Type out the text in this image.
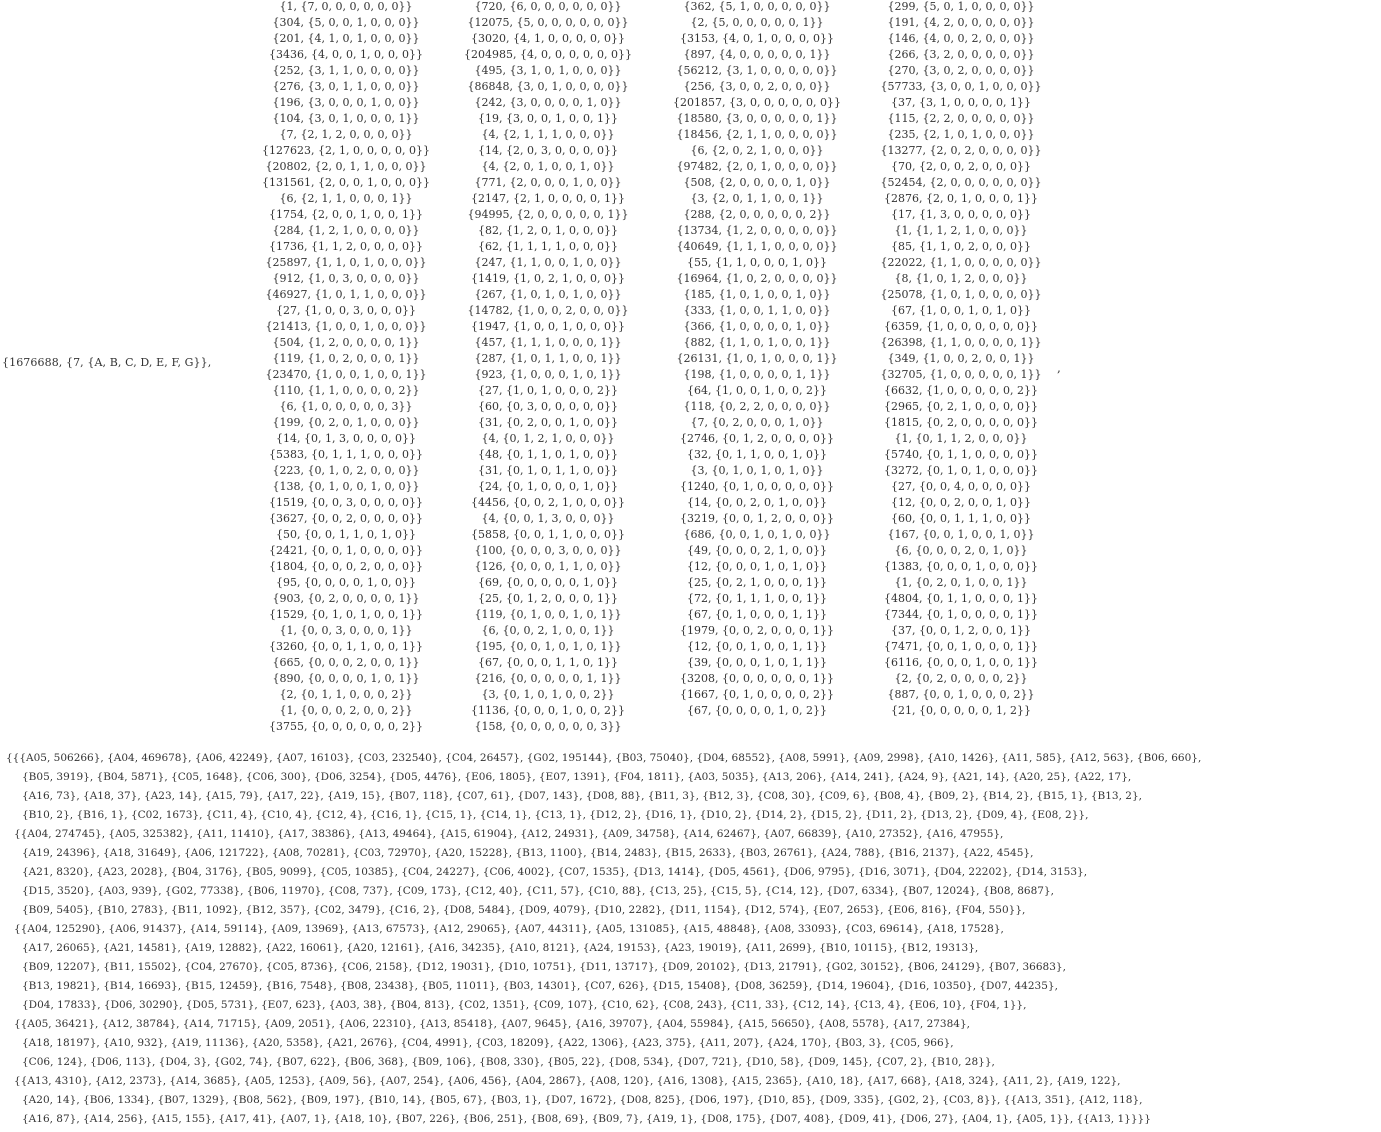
{1676688, {7, {A, B, C, D, E, F, G}},
{1, {7, 0, 0, 0, 0, 0, 0}}
{304, {5, 0, 0, 1, 0, 0, 0}}
{201, {4, 1, 0, 1, 0, 0, 0}}
{3436, {4, 0, 0, 1, 0, 0, 0}}
{252, {3, 1, 1, 0, 0, 0, 0}}
{276, {3, 0, 1, 1, 0, 0, 0}}
{196, {3, 0, 0, 0, 1, 0, 0}}
{104, {3, 0, 1, 0, 0, 0, 1}}
{7, {2, 1, 2, 0, 0, 0, 0}}
{127623, {2, 1, 0, 0, 0, 0, 0}}
{20802, {2, 0, 1, 1, 0, 0, 0}}
{131561, {2, 0, 0, 1, 0, 0, 0}}
{6, {2, 1, 1, 0, 0, 0, 1}}
{1754, {2, 0, 0, 1, 0, 0, 1}}
{284, {1, 2, 1, 0, 0, 0, 0}}
{1736, {1, 1, 2, 0, 0, 0, 0}}
{25897, {1, 1, 0, 1, 0, 0, 0}}
{912, {1, 0, 3, 0, 0, 0, 0}}
{46927, {1, 0, 1, 1, 0, 0, 0}}
{27, {1, 0, 0, 3, 0, 0, 0}}
{21413, {1, 0, 0, 1, 0, 0, 0}}
{504, {1, 2, 0, 0, 0, 0, 1}}
{119, {1, 0, 2, 0, 0, 0, 1}}
{23470, {1, 0, 0, 1, 0, 0, 1}}
{110, {1, 1, 0, 0, 0, 0, 2}}
{6, {1, 0, 0, 0, 0, 0, 3}}
{199, {0, 2, 0, 1, 0, 0, 0}}
{14, {0, 1, 3, 0, 0, 0, 0}}
{5383, {0, 1, 1, 1, 0, 0, 0}}
{223, {0, 1, 0, 2, 0, 0, 0}}
{138, {0, 1, 0, 0, 1, 0, 0}}
{1519, {0, 0, 3, 0, 0, 0, 0}}
{3627, {0, 0, 2, 0, 0, 0, 0}}
{50, {0, 0, 1, 1, 0, 1, 0}}
{2421, {0, 0, 1, 0, 0, 0, 0}}
{1804, {0, 0, 0, 2, 0, 0, 0}}
{95, {0, 0, 0, 0, 1, 0, 0}}
{903, {0, 2, 0, 0, 0, 0, 1}}
{1529, {0, 1, 0, 1, 0, 0, 1}}
{1, {0, 0, 3, 0, 0, 0, 1}}
{3260, {0, 0, 1, 1, 0, 0, 1}}
{665, {0, 0, 0, 2, 0, 0, 1}}
{890, {0, 0, 0, 0, 1, 0, 1}}
{2, {0, 1, 1, 0, 0, 0, 2}}
{1, {0, 0, 0, 2, 0, 0, 2}}
{3755, {0, 0, 0, 0, 0, 0, 2}}
{720, {6, 0, 0, 0, 0, 0, 0}}
{12075, {5, 0, 0, 0, 0, 0, 0}}
{3020, {4, 1, 0, 0, 0, 0, 0}}
{204985, {4, 0, 0, 0, 0, 0, 0}}
{495, {3, 1, 0, 1, 0, 0, 0}}
{86848, {3, 0, 1, 0, 0, 0, 0}}
{242, {3, 0, 0, 0, 0, 1, 0}}
{19, {3, 0, 0, 1, 0, 0, 1}}
{4, {2, 1, 1, 1, 0, 0, 0}}
{14, {2, 0, 3, 0, 0, 0, 0}}
{4, {2, 0, 1, 0, 0, 1, 0}}
{771, {2, 0, 0, 0, 1, 0, 0}}
{2147, {2, 1, 0, 0, 0, 0, 1}}
{94995, {2, 0, 0, 0, 0, 0, 1}}
{82, {1, 2, 0, 1, 0, 0, 0}}
{62, {1, 1, 1, 1, 0, 0, 0}}
{247, {1, 1, 0, 0, 1, 0, 0}}
{1419, {1, 0, 2, 1, 0, 0, 0}}
{267, {1, 0, 1, 0, 1, 0, 0}}
{14782, {1, 0, 0, 2, 0, 0, 0}}
{1947, {1, 0, 0, 1, 0, 0, 0}}
{457, {1, 1, 1, 0, 0, 0, 1}}
{287, {1, 0, 1, 1, 0, 0, 1}}
{923, {1, 0, 0, 0, 1, 0, 1}}
{27, {1, 0, 1, 0, 0, 0, 2}}
{60, {0, 3, 0, 0, 0, 0, 0}}
{31, {0, 2, 0, 0, 1, 0, 0}}
{4, {0, 1, 2, 1, 0, 0, 0}}
{48, {0, 1, 1, 0, 1, 0, 0}}
{31, {0, 1, 0, 1, 1, 0, 0}}
{24, {0, 1, 0, 0, 0, 1, 0}}
{4456, {0, 0, 2, 1, 0, 0, 0}}
{4, {0, 0, 1, 3, 0, 0, 0}}
{5858, {0, 0, 1, 1, 0, 0, 0}}
{100, {0, 0, 0, 3, 0, 0, 0}}
{126, {0, 0, 0, 1, 1, 0, 0}}
{69, {0, 0, 0, 0, 0, 1, 0}}
{25, {0, 1, 2, 0, 0, 0, 1}}
{119, {0, 1, 0, 0, 1, 0, 1}}
{6, {0, 0, 2, 1, 0, 0, 1}}
{195, {0, 0, 1, 0, 1, 0, 1}}
{67, {0, 0, 0, 1, 1, 0, 1}}
{216, {0, 0, 0, 0, 0, 1, 1}}
{3, {0, 1, 0, 1, 0, 0, 2}}
{1136, {0, 0, 0, 1, 0, 0, 2}}
{158, {0, 0, 0, 0, 0, 0, 3}}
{362, {5, 1, 0, 0, 0, 0, 0}}
{2, {5, 0, 0, 0, 0, 0, 1}}
{3153, {4, 0, 1, 0, 0, 0, 0}}
{897, {4, 0, 0, 0, 0, 0, 1}}
{56212, {3, 1, 0, 0, 0, 0, 0}}
{256, {3, 0, 0, 2, 0, 0, 0}}
{201857, {3, 0, 0, 0, 0, 0, 0}}
{18580, {3, 0, 0, 0, 0, 0, 1}}
{18456, {2, 1, 1, 0, 0, 0, 0}}
{6, {2, 0, 2, 1, 0, 0, 0}}
{97482, {2, 0, 1, 0, 0, 0, 0}}
{508, {2, 0, 0, 0, 0, 1, 0}}
{3, {2, 0, 1, 1, 0, 0, 1}}
{288, {2, 0, 0, 0, 0, 0, 2}}
{13734, {1, 2, 0, 0, 0, 0, 0}}
{40649, {1, 1, 1, 0, 0, 0, 0}}
{55, {1, 1, 0, 0, 0, 1, 0}}
{16964, {1, 0, 2, 0, 0, 0, 0}}
{185, {1, 0, 1, 0, 0, 1, 0}}
{333, {1, 0, 0, 1, 1, 0, 0}}
{366, {1, 0, 0, 0, 0, 1, 0}}
{882, {1, 1, 0, 1, 0, 0, 1}}
{26131, {1, 0, 1, 0, 0, 0, 1}}
{198, {1, 0, 0, 0, 0, 1, 1}}
{64, {1, 0, 0, 1, 0, 0, 2}}
{118, {0, 2, 2, 0, 0, 0, 0}}
{7, {0, 2, 0, 0, 0, 1, 0}}
{2746, {0, 1, 2, 0, 0, 0, 0}}
{32, {0, 1, 1, 0, 0, 1, 0}}
{3, {0, 1, 0, 1, 0, 1, 0}}
{1240, {0, 1, 0, 0, 0, 0, 0}}
{14, {0, 0, 2, 0, 1, 0, 0}}
{3219, {0, 0, 1, 2, 0, 0, 0}}
{686, {0, 0, 1, 0, 1, 0, 0}}
{49, {0, 0, 0, 2, 1, 0, 0}}
{12, {0, 0, 0, 1, 0, 1, 0}}
{25, {0, 2, 1, 0, 0, 0, 1}}
{72, {0, 1, 1, 1, 0, 0, 1}}
{67, {0, 1, 0, 0, 0, 1, 1}}
{1979, {0, 0, 2, 0, 0, 0, 1}}
{12, {0, 0, 1, 0, 0, 1, 1}}
{39, {0, 0, 0, 1, 0, 1, 1}}
{3208, {0, 0, 0, 0, 0, 0, 1}}
{1667, {0, 1, 0, 0, 0, 0, 2}}
{67, {0, 0, 0, 0, 1, 0, 2}}
{299, {5, 0, 1, 0, 0, 0, 0}}
{191, {4, 2, 0, 0, 0, 0, 0}}
{146, {4, 0, 0, 2, 0, 0, 0}}
{266, {3, 2, 0, 0, 0, 0, 0}}
{270, {3, 0, 2, 0, 0, 0, 0}}
{57733, {3, 0, 0, 1, 0, 0, 0}}
{37, {3, 1, 0, 0, 0, 0, 1}}
{115, {2, 2, 0, 0, 0, 0, 0}}
{235, {2, 1, 0, 1, 0, 0, 0}}
{13277, {2, 0, 2, 0, 0, 0, 0}}
{70, {2, 0, 0, 2, 0, 0, 0}}
{52454, {2, 0, 0, 0, 0, 0, 0}}
{2876, {2, 0, 1, 0, 0, 0, 1}}
{17, {1, 3, 0, 0, 0, 0, 0}}
{1, {1, 1, 2, 1, 0, 0, 0}}
{85, {1, 1, 0, 2, 0, 0, 0}}
{22022, {1, 1, 0, 0, 0, 0, 0}}
{8, {1, 0, 1, 2, 0, 0, 0}}
{25078, {1, 0, 1, 0, 0, 0, 0}}
{67, {1, 0, 0, 1, 0, 1, 0}}
{6359, {1, 0, 0, 0, 0, 0, 0}}
{26398, {1, 1, 0, 0, 0, 0, 1}}
{349, {1, 0, 0, 2, 0, 0, 1}}
{32705, {1, 0, 0, 0, 0, 0, 1}}
{6632, {1, 0, 0, 0, 0, 0, 2}}
{2965, {0, 2, 1, 0, 0, 0, 0}}
{1815, {0, 2, 0, 0, 0, 0, 0}}
{1, {0, 1, 1, 2, 0, 0, 0}}
{5740, {0, 1, 1, 0, 0, 0, 0}}
{3272, {0, 1, 0, 1, 0, 0, 0}}
{27, {0, 0, 4, 0, 0, 0, 0}}
{12, {0, 0, 2, 0, 0, 1, 0}}
{60, {0, 0, 1, 1, 1, 0, 0}}
{167, {0, 0, 1, 0, 0, 1, 0}}
{6, {0, 0, 0, 2, 0, 1, 0}}
{1383, {0, 0, 0, 1, 0, 0, 0}}
{1, {0, 2, 0, 1, 0, 0, 1}}
{4804, {0, 1, 1, 0, 0, 0, 1}}
{7344, {0, 1, 0, 0, 0, 0, 1}}
{37, {0, 0, 1, 2, 0, 0, 1}}
{7471, {0, 0, 1, 0, 0, 0, 1}}
{6116, {0, 0, 0, 1, 0, 0, 1}}
{2, {0, 2, 0, 0, 0, 0, 2}}
{887, {0, 0, 1, 0, 0, 0, 2}}
{21, {0, 0, 0, 0, 0, 1, 2}}
,
{{{A05, 506266}, {A04, 469678}, {A06, 42249}, {A07, 16103}, {C03, 232540}, {C04, 26457}, {G02, 195144}, {B03, 75040}, {D04, 68552}, {A08, 5991}, {A09, 2998}, {A10, 1426}, {A11, 585}, {A12, 563}, {B06, 660},
{B05, 3919}, {B04, 5871}, {C05, 1648}, {C06, 300}, {D06, 3254}, {D05, 4476}, {E06, 1805}, {E07, 1391}, {F04, 1811}, {A03, 5035}, {A13, 206}, {A14, 241}, {A24, 9}, {A21, 14}, {A20, 25}, {A22, 17},
{A16, 73}, {A18, 37}, {A23, 14}, {A15, 79}, {A17, 22}, {A19, 15}, {B07, 118}, {C07, 61}, {D07, 143}, {D08, 88}, {B11, 3}, {B12, 3}, {C08, 30}, {C09, 6}, {B08, 4}, {B09, 2}, {B14, 2}, {B15, 1}, {B13, 2},
{B10, 2}, {B16, 1}, {C02, 1673}, {C11, 4}, {C10, 4}, {C12, 4}, {C16, 1}, {C15, 1}, {C14, 1}, {C13, 1}, {D12, 2}, {D16, 1}, {D10, 2}, {D14, 2}, {D15, 2}, {D11, 2}, {D13, 2}, {D09, 4}, {E08, 2}},
{{A04, 274745}, {A05, 325382}, {A11, 11410}, {A17, 38386}, {A13, 49464}, {A15, 61904}, {A12, 24931}, {A09, 34758}, {A14, 62467}, {A07, 66839}, {A10, 27352}, {A16, 47955},
{A19, 24396}, {A18, 31649}, {A06, 121722}, {A08, 70281}, {C03, 72970}, {A20, 15228}, {B13, 1100}, {B14, 2483}, {B15, 2633}, {B03, 26761}, {A24, 788}, {B16, 2137}, {A22, 4545},
{A21, 8320}, {A23, 2028}, {B04, 3176}, {B05, 9099}, {C05, 10385}, {C04, 24227}, {C06, 4002}, {C07, 1535}, {D13, 1414}, {D05, 4561}, {D06, 9795}, {D16, 3071}, {D04, 22202}, {D14, 3153},
{D15, 3520}, {A03, 939}, {G02, 77338}, {B06, 11970}, {C08, 737}, {C09, 173}, {C12, 40}, {C11, 57}, {C10, 88}, {C13, 25}, {C15, 5}, {C14, 12}, {D07, 6334}, {B07, 12024}, {B08, 8687},
{B09, 5405}, {B10, 2783}, {B11, 1092}, {B12, 357}, {C02, 3479}, {C16, 2}, {D08, 5484}, {D09, 4079}, {D10, 2282}, {D11, 1154}, {D12, 574}, {E07, 2653}, {E06, 816}, {F04, 550}},
{{A04, 125290}, {A06, 91437}, {A14, 59114}, {A09, 13969}, {A13, 67573}, {A12, 29065}, {A07, 44311}, {A05, 131085}, {A15, 48848}, {A08, 33093}, {C03, 69614}, {A18, 17528},
{A17, 26065}, {A21, 14581}, {A19, 12882}, {A22, 16061}, {A20, 12161}, {A16, 34235}, {A10, 8121}, {A24, 19153}, {A23, 19019}, {A11, 2699}, {B10, 10115}, {B12, 19313},
{B09, 12207}, {B11, 15502}, {C04, 27670}, {C05, 8736}, {C06, 2158}, {D12, 19031}, {D10, 10751}, {D11, 13717}, {D09, 20102}, {D13, 21791}, {G02, 30152}, {B06, 24129}, {B07, 36683},
{B13, 19821}, {B14, 16693}, {B15, 12459}, {B16, 7548}, {B08, 23438}, {B05, 11011}, {B03, 14301}, {C07, 626}, {D15, 15408}, {D08, 36259}, {D14, 19604}, {D16, 10350}, {D07, 44235},
{D04, 17833}, {D06, 30290}, {D05, 5731}, {E07, 623}, {A03, 38}, {B04, 813}, {C02, 1351}, {C09, 107}, {C10, 62}, {C08, 243}, {C11, 33}, {C12, 14}, {C13, 4}, {E06, 10}, {F04, 1}},
{{A05, 36421}, {A12, 38784}, {A14, 71715}, {A09, 2051}, {A06, 22310}, {A13, 85418}, {A07, 9645}, {A16, 39707}, {A04, 55984}, {A15, 56650}, {A08, 5578}, {A17, 27384},
{A18, 18197}, {A10, 932}, {A19, 11136}, {A20, 5358}, {A21, 2676}, {C04, 4991}, {C03, 18209}, {A22, 1306}, {A23, 375}, {A11, 207}, {A24, 170}, {B03, 3}, {C05, 966},
{C06, 124}, {D06, 113}, {D04, 3}, {G02, 74}, {B07, 622}, {B06, 368}, {B09, 106}, {B08, 330}, {B05, 22}, {D08, 534}, {D07, 721}, {D10, 58}, {D09, 145}, {C07, 2}, {B10, 28}},
{{A13, 4310}, {A12, 2373}, {A14, 3685}, {A05, 1253}, {A09, 56}, {A07, 254}, {A06, 456}, {A04, 2867}, {A08, 120}, {A16, 1308}, {A15, 2365}, {A10, 18}, {A17, 668}, {A18, 324}, {A11, 2}, {A19, 122},
{A20, 14}, {B06, 1334}, {B07, 1329}, {B08, 562}, {B09, 197}, {B10, 14}, {B05, 67}, {B03, 1}, {D07, 1672}, {D08, 825}, {D06, 197}, {D10, 85}, {D09, 335}, {G02, 2}, {C03, 8}}, {{A13, 351}, {A12, 118},
{A16, 87}, {A14, 256}, {A15, 155}, {A17, 41}, {A07, 1}, {A18, 10}, {B07, 226}, {B06, 251}, {B08, 69}, {B09, 7}, {A19, 1}, {D08, 175}, {D07, 408}, {D09, 41}, {D06, 27}, {A04, 1}, {A05, 1}}, {{A13, 1}}}}
